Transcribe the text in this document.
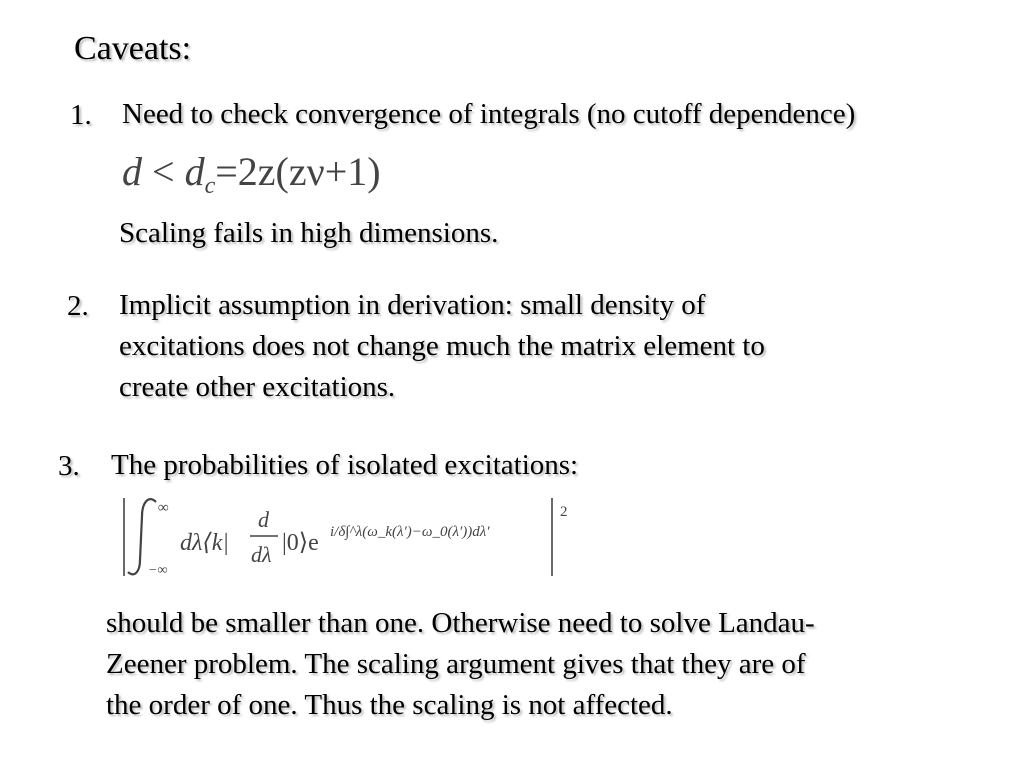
Caveats:
1. Need to check convergence of integrals (no cutoff dependence)
$d < d_c=2z(z\nu+1)$
Scaling fails in high dimensions.
2. Implicit assumption in derivation: small density of
excitations does not change much the matrix element to
create other excitations.
3. The probabilities of isolated excitations:
∞
−∞
dλ⟨k|
d
dλ |0⟩e i/δ∫^λ(ω_k(λ′)−ω_0(λ′))dλ′
2
should be smaller than one. Otherwise need to solve Landau-
Zeener problem. The scaling argument gives that they are of
the order of one. Thus the scaling is not affected.
